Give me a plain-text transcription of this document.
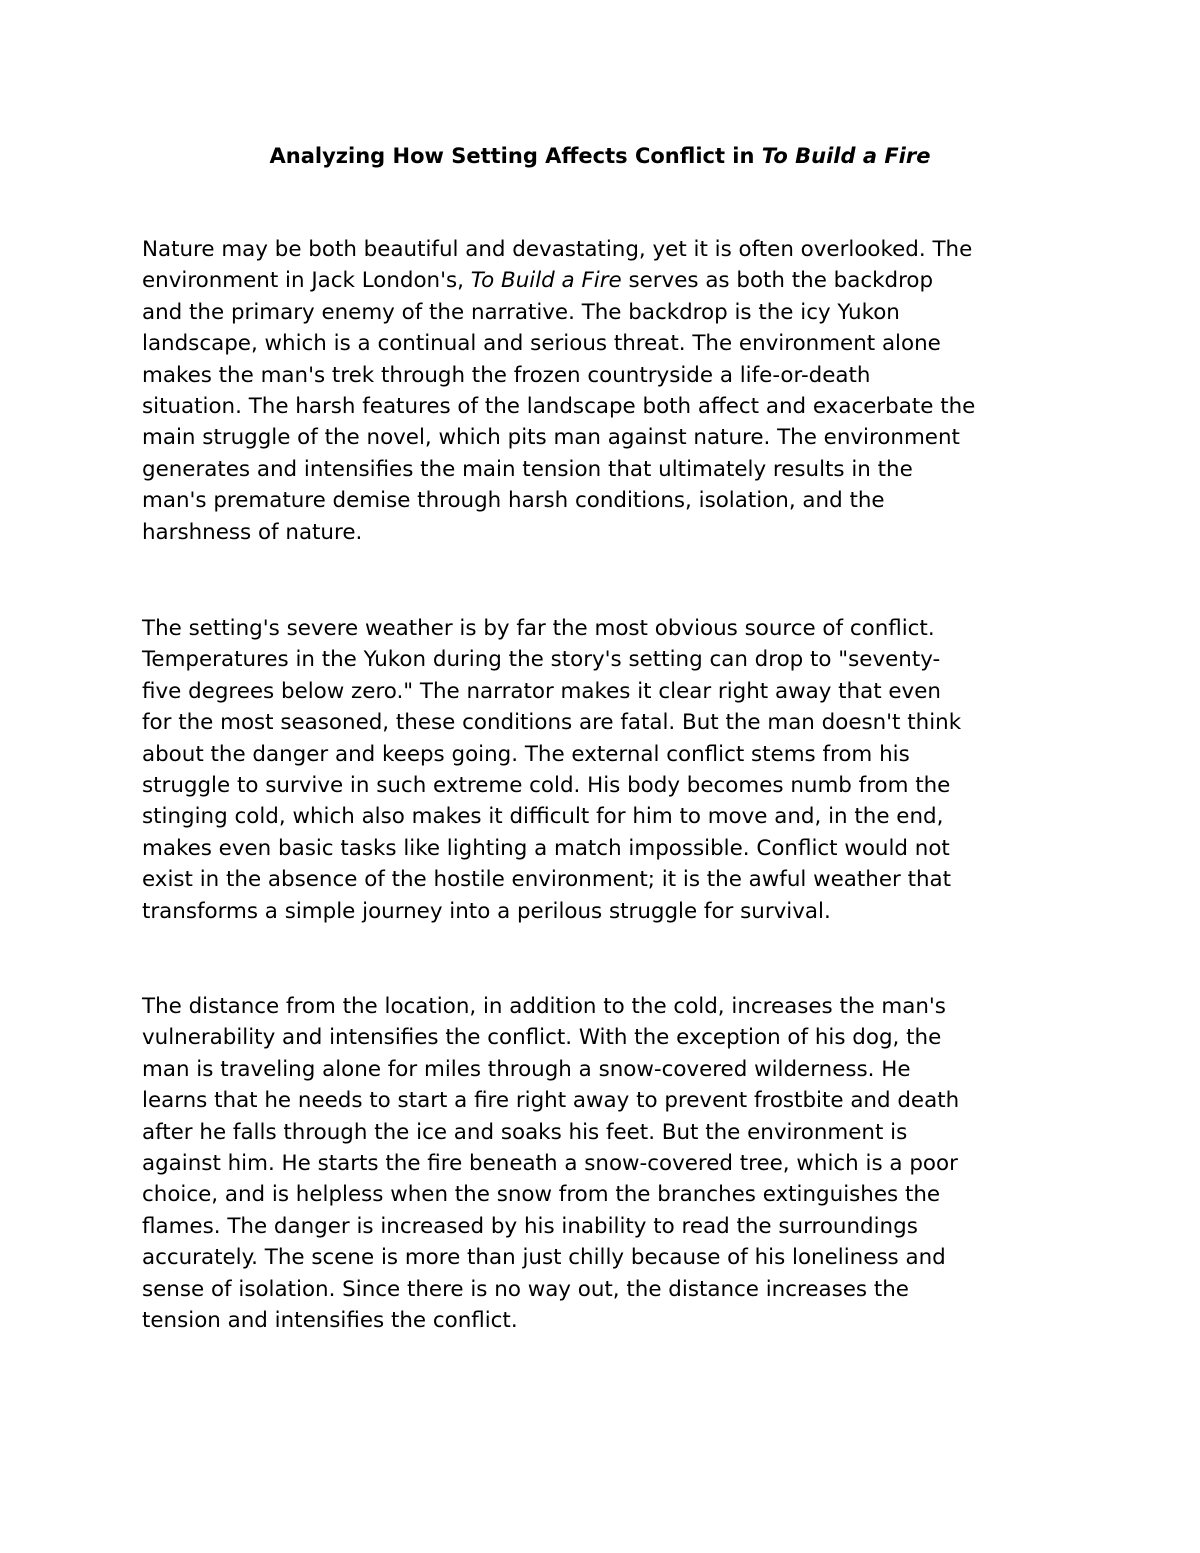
Analyzing How Setting Affects Conflict in To Build a Fire
Nature may be both beautiful and devastating, yet it is often overlooked. The
environment in Jack London's, To Build a Fire serves as both the backdrop
and the primary enemy of the narrative. The backdrop is the icy Yukon
landscape, which is a continual and serious threat. The environment alone
makes the man's trek through the frozen countryside a life-or-death
situation. The harsh features of the landscape both affect and exacerbate the
main struggle of the novel, which pits man against nature. The environment
generates and intensifies the main tension that ultimately results in the
man's premature demise through harsh conditions, isolation, and the
harshness of nature.
The setting's severe weather is by far the most obvious source of conflict.
Temperatures in the Yukon during the story's setting can drop to "seventy-
five degrees below zero." The narrator makes it clear right away that even
for the most seasoned, these conditions are fatal. But the man doesn't think
about the danger and keeps going. The external conflict stems from his
struggle to survive in such extreme cold. His body becomes numb from the
stinging cold, which also makes it difficult for him to move and, in the end,
makes even basic tasks like lighting a match impossible. Conflict would not
exist in the absence of the hostile environment; it is the awful weather that
transforms a simple journey into a perilous struggle for survival.
The distance from the location, in addition to the cold, increases the man's
vulnerability and intensifies the conflict. With the exception of his dog, the
man is traveling alone for miles through a snow-covered wilderness. He
learns that he needs to start a fire right away to prevent frostbite and death
after he falls through the ice and soaks his feet. But the environment is
against him. He starts the fire beneath a snow-covered tree, which is a poor
choice, and is helpless when the snow from the branches extinguishes the
flames. The danger is increased by his inability to read the surroundings
accurately. The scene is more than just chilly because of his loneliness and
sense of isolation. Since there is no way out, the distance increases the
tension and intensifies the conflict.
